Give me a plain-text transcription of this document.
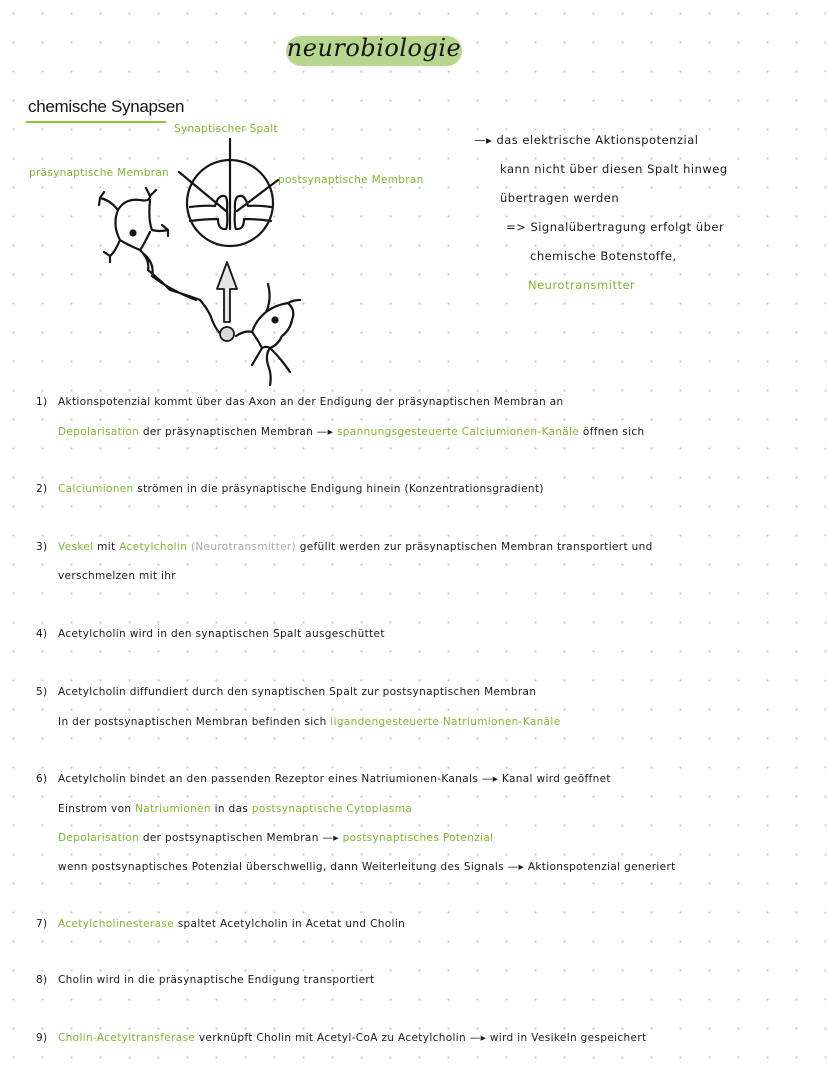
neurobiologie
chemische Synapsen
Synaptischer Spalt
präsynaptische Membran
postsynaptische Membran
—▸ das elektrische Aktionspotenzial
kann nicht über diesen Spalt hinweg
übertragen werden
=> Signalübertragung erfolgt über
chemische Botenstoffe,
Neurotransmitter
1) Aktionspotenzial kommt über das Axon an der Endigung der präsynaptischen Membran an
Depolarisation der präsynaptischen Membran —▸ spannungsgesteuerte Calciumionen-Kanäle öffnen sich
2) Calciumionen strömen in die präsynaptische Endigung hinein (Konzentrationsgradient)
3) Veskel mit Acetylcholin (Neurotransmitter) gefüllt werden zur präsynaptischen Membran transportiert und
verschmelzen mit ihr
4) Acetylcholin wird in den synaptischen Spalt ausgeschüttet
5) Acetylcholin diffundiert durch den synaptischen Spalt zur postsynaptischen Membran
In der postsynaptischen Membran befinden sich ligandengesteuerte Natriumionen-Kanäle
6) Acetylcholin bindet an den passenden Rezeptor eines Natriumionen-Kanals —▸ Kanal wird geöffnet
Einstrom von Natriumionen in das postsynaptische Cytoplasma
Depolarisation der postsynaptischen Membran —▸ postsynaptisches Potenzial
wenn postsynaptisches Potenzial überschwellig, dann Weiterleitung des Signals —▸ Aktionspotenzial generiert
7) Acetylcholinesterase spaltet Acetylcholin in Acetat und Cholin
8) Cholin wird in die präsynaptische Endigung transportiert
9) Cholin-Acetyltransferase verknüpft Cholin mit Acetyl-CoA zu Acetylcholin —▸ wird in Vesikeln gespeichert
